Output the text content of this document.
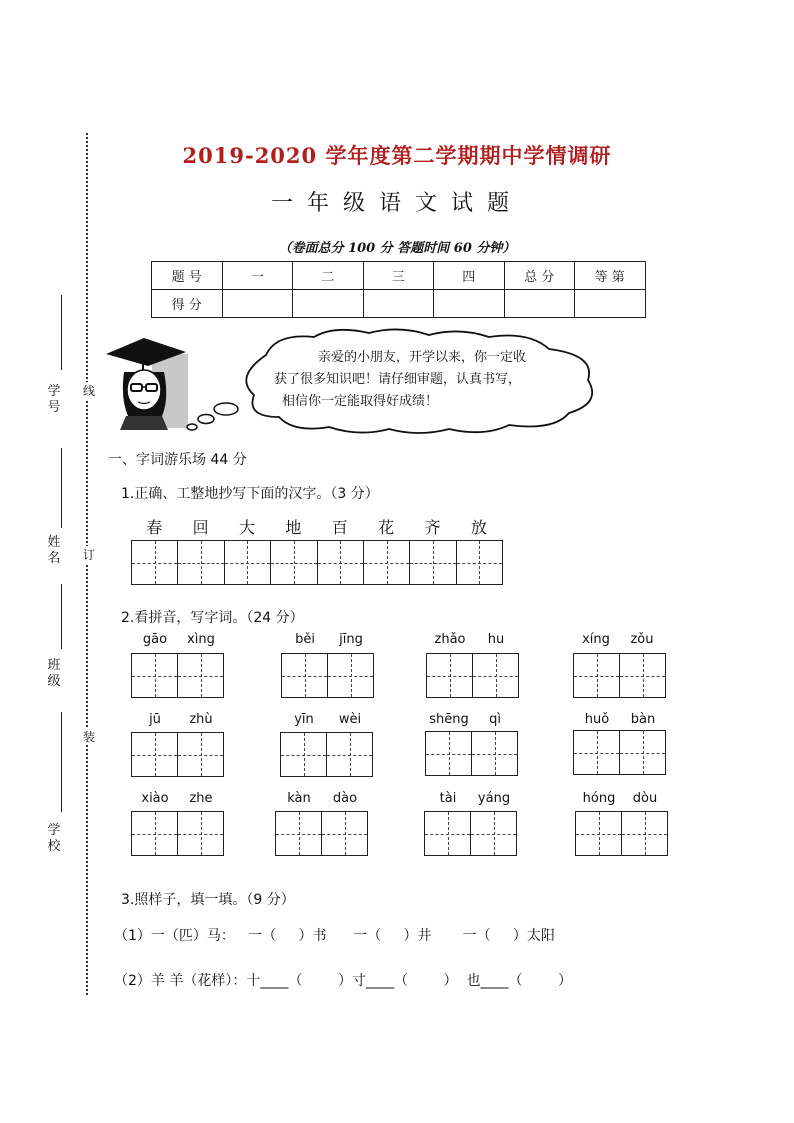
学号
姓名
班级
学校
线
订
装
2019-2020 学年度第二学期期中学情调研
一年级语文试题
（卷面总分 100 分 答题时间 60 分钟）
题 号	一	二	三	四	总 分	等 第
得 分						
亲爱的小朋友，开学以来，你一定收
获了很多知识吧！请仔细审题，认真书写，
相信你一定能取得好成绩！
一、字词游乐场 44 分
1.正确、工整地抄写下面的汉字。（3 分）
春	回	大	地	百	花	齐	放
2.看拼音，写字词。（24 分）
gāo	xìng	běi	jīng	zhǎo	hu	xíng	zǒu
jū	zhù	yīn	wèi	shēng	qì	huǒ	bàn
xiào	zhe	kàn	dào	tài	yáng	hóng	dòu
3.照样子，填一填。（9 分）
（1）一（匹）马：   一（     ）书      一（     ）井       一（     ）太阳
（2）羊 羊（花样）：十____（        ）寸____（        ）  也____（        ）
